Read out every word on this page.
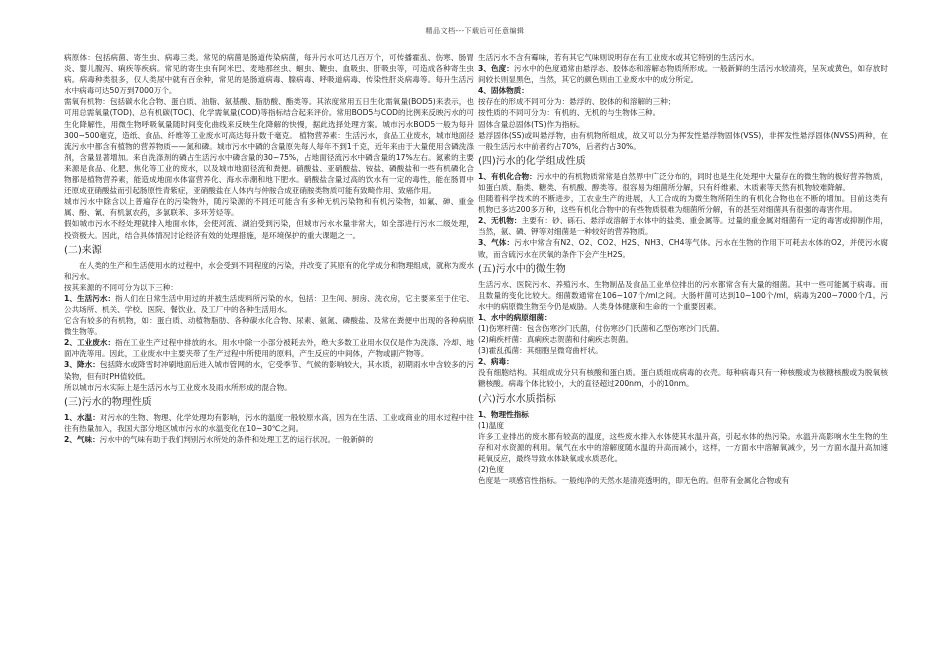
精品文档---下载后可任意编辑

病原体：包括病菌、寄生虫、病毒三类。常见的病菌是肠道传染病菌，每升污水可达几百万个，可传播霍乱、伤寒、肠胃炎、婴儿腹泻、痢疾等疾病。常见的寄生虫有阿米巴、麦地那丝虫、蛔虫、鞭虫、血吸虫、肝吸虫等，可造成各种寄生虫病。病毒种类很多，仅人类尿中就有百余种，常见的是肠道病毒、腺病毒、呼吸道病毒、传染性肝炎病毒等。每升生活污水中病毒可达50万到7000万个。

需氧有机物：包括碳水化合物、蛋白质、油脂、氨基酸、脂肪酸、酯类等。其浓度常用五日生化需氧量(BOD5)来表示，也可用总需氧量(TOD)、总有机碳(TOC)、化学需氧量(COD)等指标结合起来评价。常用BOD5与COD的比例来反映污水的可生化降解性，用微生物呼吸氧量随时间变化曲线来反映生化降解的快慢，据此选择处理方案。城市污水BOD5一般为每升300~500毫克，造纸、食品、纤维等工业废水可高达每升数千毫克。 植物营养素：生活污水，食品工业废水，城市地面径流污水中都含有植物的营养物质——氮和磷。城市污水中磷的含量原先每人每年不到1千克，近年来由于大量使用含磷洗涤剂，含量显著增加。来自洗涤剂的磷占生活污水中磷含量的30~75%，占地面径流污水中磷含量的17%左右。氮素的主要来源是食品、化肥、焦化等工业的废水，以及城市地面径流和粪便。硝酸盐、亚硝酸盐、铵盐、磷酸盐和一些有机磷化合物都是植物营养素，能造成地面水体富营养化、海水赤潮和地下肥水。硝酸盐含量过高的饮水有一定的毒性，能在肠胃中还原成亚硝酸盐而引起肠原性青紫症，亚硝酸盐在人体内与仲胺合成亚硝胺类物质可能有致畸作用、致癌作用。

城市污水中除含以上普遍存在的污染物外，随污染源的不同还可能含有多种无机污染物和有机污染物，如氟、砷、重金属、酚、氰、有机氯农药，多氯联苯、多环芳烃等。

假如城市污水不经处理就排入地面水体，会使河流、湖泊受到污染，但城市污水水量非常大，如全部进行污水二级处理，投资极大。因此，结合具体情况讨论经济有效的处理措施，是环境保护的重大课题之一。

(二)来源

在人类的生产和生活使用水的过程中，水会受到不同程度的污染，并改变了其原有的化学成分和物理组成，就称为废水和污水。

按其来源的不同可分为以下三种：

1、生活污水：指人们在日常生活中用过的并被生活废料所污染的水，包括：卫生间、厨房、洗衣房，它主要来至于住宅、公共场所、机关、学校、医院、餐饮业、及工厂中的各种生活用水。

它含有较多的有机物，如：蛋白质、动植物脂肪、各种碳水化合物、尿素、氨氮、磷酸盐、及常在粪便中出现的各种病原微生物等。

2、工业废水：指在工业生产过程中排放的水。用水中除一小部分被耗去外，绝大多数工业用水仅仅是作为洗涤、冷却、地面冲洗等用。因此，工业废水中主要夹带了生产过程中所使用的原料，产生反应的中间体，产物或副产物等。

3、降水：包括降水或降雪时冲刷地面后进入城市管网的水，它受季节、气候的影响较大，其水质，初期雨水中含较多的污染物，但有时PH值较低。

所以城市污水实际上是生活污水与工业废水及雨水所形成的混合物。

(三)污水的物理性质

1、水温：对污水的生物、物理、化学处理均有影响，污水的温度一般较原水高，因为在生活、工业或商业的用水过程中往往有热量加入，我国大部分地区城市污水的水温变化在10~30℃之间。

2、气味：污水中的气味有助于我们判别污水所处的条件和处理工艺的运行状况。一般新鲜的

生活污水不含有霉味，若有其它气味则说明存在有工业废水或其它特别的生活污水。

3、色度：污水中的色度通常由悬浮态、胶体态和溶解态物质所形成。一般新鲜的生活污水较清亮，呈灰或黄色，如存放时间较长则显黑色，当然，其它的颜色则由工业废水中的成分所定。

4、固体物质：

按存在的形成不同可分为：悬浮的、胶体的和溶解的三种；

按性质的不同可分为：有机的、无机的与生物体三种。

固体含量总固体(TS)作为指标。

悬浮固体(SS)或叫悬浮物，由有机物所组成，故又可以分为挥发性悬浮物固体(VSS)，非挥发性悬浮固体(NVSS)两种，在一般生活污水中前者约占70%，后者约占30%。

(四)污水的化学组成性质

1、有机化合物：污水中的有机物质常常是自然界中广泛分布的，同时也是生化处理中大量存在的微生物的极好营养物质，如蛋白质、脂类、糖类、有机酸、醇类等。很容易为细菌所分解，只有纤维素、木质素等天然有机物较难降解。

但随着科学技术的不断进步，工农业生产的进展，人工合成的为微生物所陌生的有机化合物也在不断的增加。目前这类有机物已多达200多万种，这些有机化合物中的有些物质很难为细菌所分解，有的甚至对细菌具有很强的毒害作用。

2、无机物：主要有：砂、砾石、悬浮或溶解于水体中的盐类、重金属等。过量的重金属对细菌有一定的毒害或抑制作用，当然，氨、磷、钾等对细菌是一种较好的营养物质。

3、气体：污水中常含有N2、O2、CO2、H2S、NH3、CH4等气体。污水在生物的作用下可耗去水体的O2，并使污水腐败，而含硫污水在厌氧的条件下会产生H2S。

(五)污水中的微生物

生活污水、医院污水、养殖污水、生物制品及食品工业单位排出的污水都常含有大量的细菌。其中一些可能属于病毒。而且数量的变化比较大。细菌数通常在106~107个/ml之间。大肠杆菌可达到10~100个/ml，病毒为200~7000个/1。污水中的病原微生物至今仍是威胁。人类身体健康和生命的一个重要因素。

1、水中的病原细菌：

(1)伤寒杆菌：包含伤寒沙门氏菌，付伤寒沙门氏菌和乙型伤寒沙门氏菌。

(2)痢疾杆菌：真痢疾志贺菌和付痢疾志贺菌。

(3)霍乱孤菌：其细胞呈微弯曲杆状。

2、病毒：

没有细胞结构。其组成成分只有核酸和蛋白质。蛋白质组成病毒的衣壳。每种病毒只有一种核酸或为核糖核酸或为脱氧核糖核酸。病毒个体比较小，大的直径超过200nm，小的10nm。

(六)污水水质指标

1、物理性指标

(1)温度

许多工业排出的废水都有较高的温度，这些废水排入水体使其水温升高，引起水体的热污染。水温升高影响水生生物的生存和对水资源的利用。氧气在水中的溶解度随水温的升高而减小，这样，一方面水中溶解氧减少，另一方面水温升高加速耗氧反应，最终导致水体缺氧或水质恶化。

(2)色度

色度是一项感官性指标。一般纯净的天然水是清亮透明的，即无色的。但带有金属化合物或有
